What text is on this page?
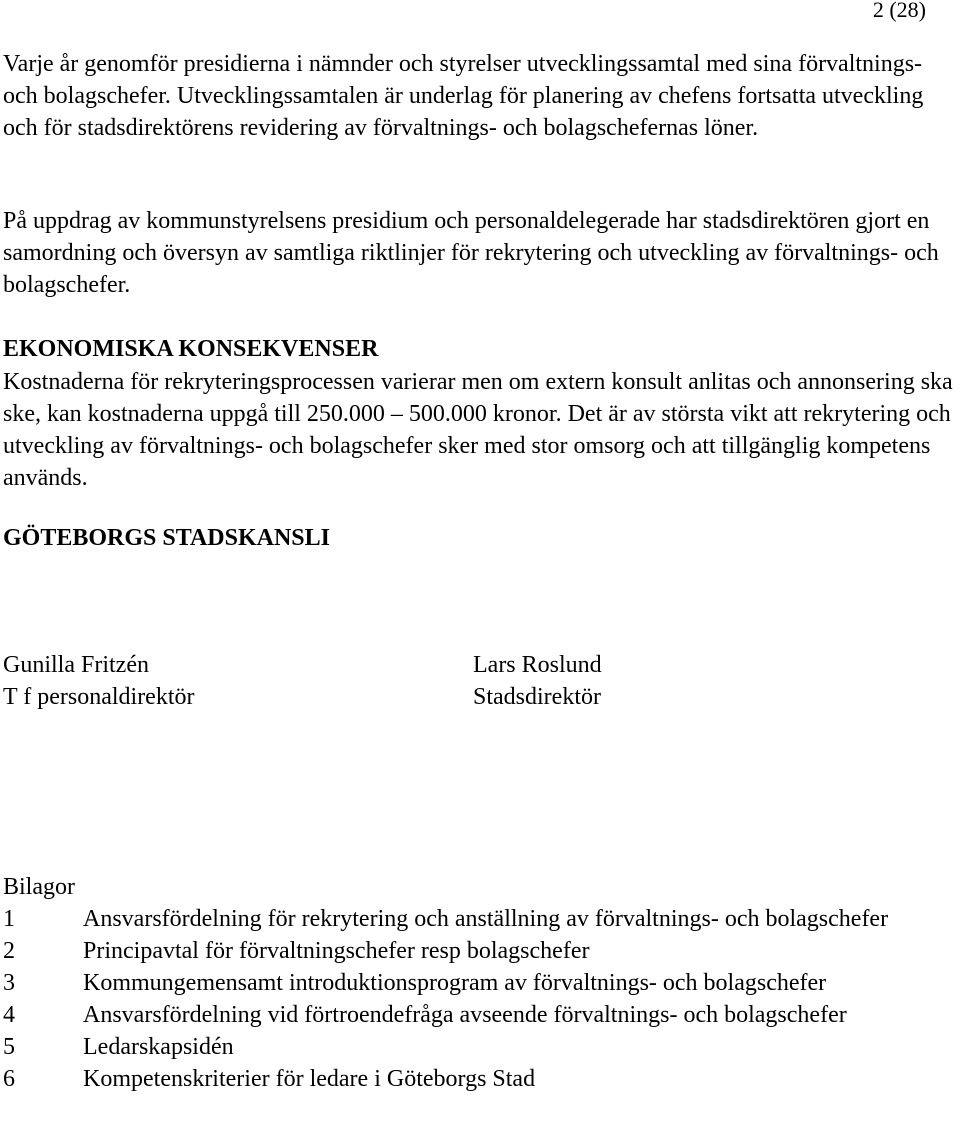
2 (28)

Varje år genomför presidierna i nämnder och styrelser utvecklingssamtal med sina förvaltnings- och bolagschefer. Utvecklingssamtalen är underlag för planering av chefens fortsatta utveckling och för stadsdirektörens revidering av förvaltnings- och bolagschefernas löner.

På uppdrag av kommunstyrelsens presidium och personaldelegerade har stadsdirektören gjort en samordning och översyn av samtliga riktlinjer för rekrytering och utveckling av förvaltnings- och bolagschefer.

EKONOMISKA KONSEKVENSER

Kostnaderna för rekryteringsprocessen varierar men om extern konsult anlitas och annonsering ska ske, kan kostnaderna uppgå till 250.000 – 500.000 kronor. Det är av största vikt att rekrytering och utveckling av förvaltnings- och bolagschefer sker med stor omsorg och att tillgänglig kompetens används.

GÖTEBORGS STADSKANSLI
Gunilla Fritzén
T f personaldirektör
Lars Roslund
Stadsdirektör
Bilagor
1	Ansvarsfördelning för rekrytering och anställning av förvaltnings- och bolagschefer
2	Principavtal för förvaltningschefer resp bolagschefer
3	Kommungemensamt introduktionsprogram av förvaltnings- och bolagschefer
4	Ansvarsfördelning vid förtroendefråga avseende förvaltnings- och bolagschefer
5	Ledarskapsidén
6	Kompetenskriterier för ledare i Göteborgs Stad
